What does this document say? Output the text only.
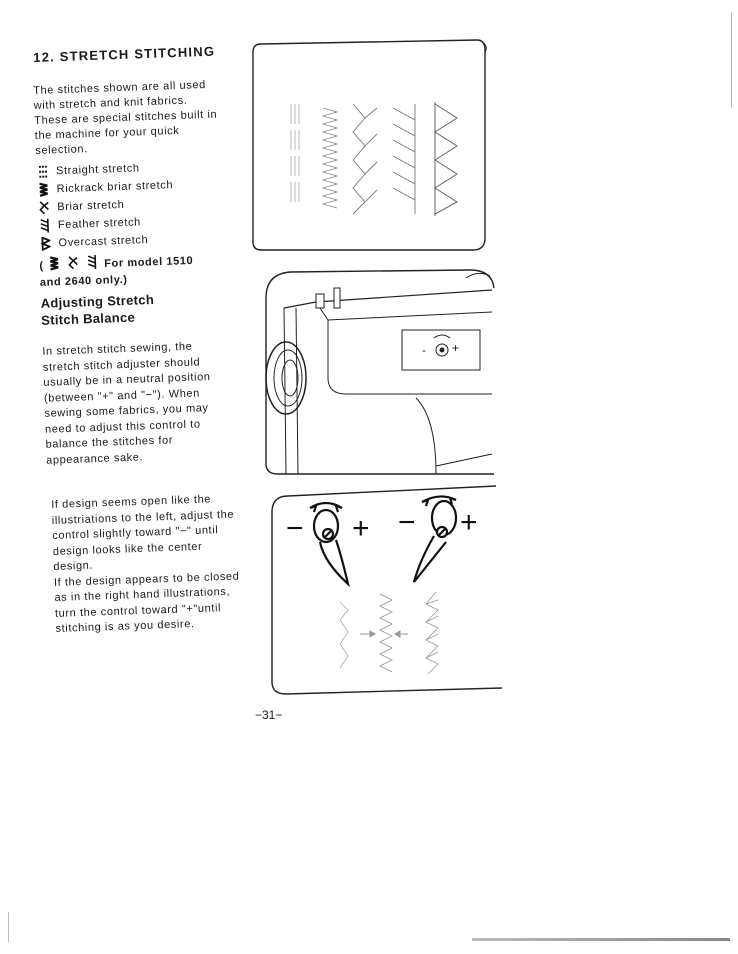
12. STRETCH STITCHING

The stitches shown are all used with stretch and knit fabrics. These are special stitches built in the machine for your quick selection.

Straight stretch
Rickrack briar stretch
Briar stretch
Feather stretch
Overcast stretch
(	For model 1510
and 2640 only.)
Adjusting Stretch
Stitch Balance

In stretch stitch sewing, the stretch stitch adjuster should usually be in a neutral position (between "+" and "−"). When sewing some fabrics, you may need to adjust this control to balance the stitches for appearance sake.

If design seems open like the illustriations to the left, adjust the control slightly toward "−" until design looks like the center design.

If the design appears to be closed as in the right hand illustrations, turn the control toward "+"until stitching is as you desire.

- +
− + − +
−31−
